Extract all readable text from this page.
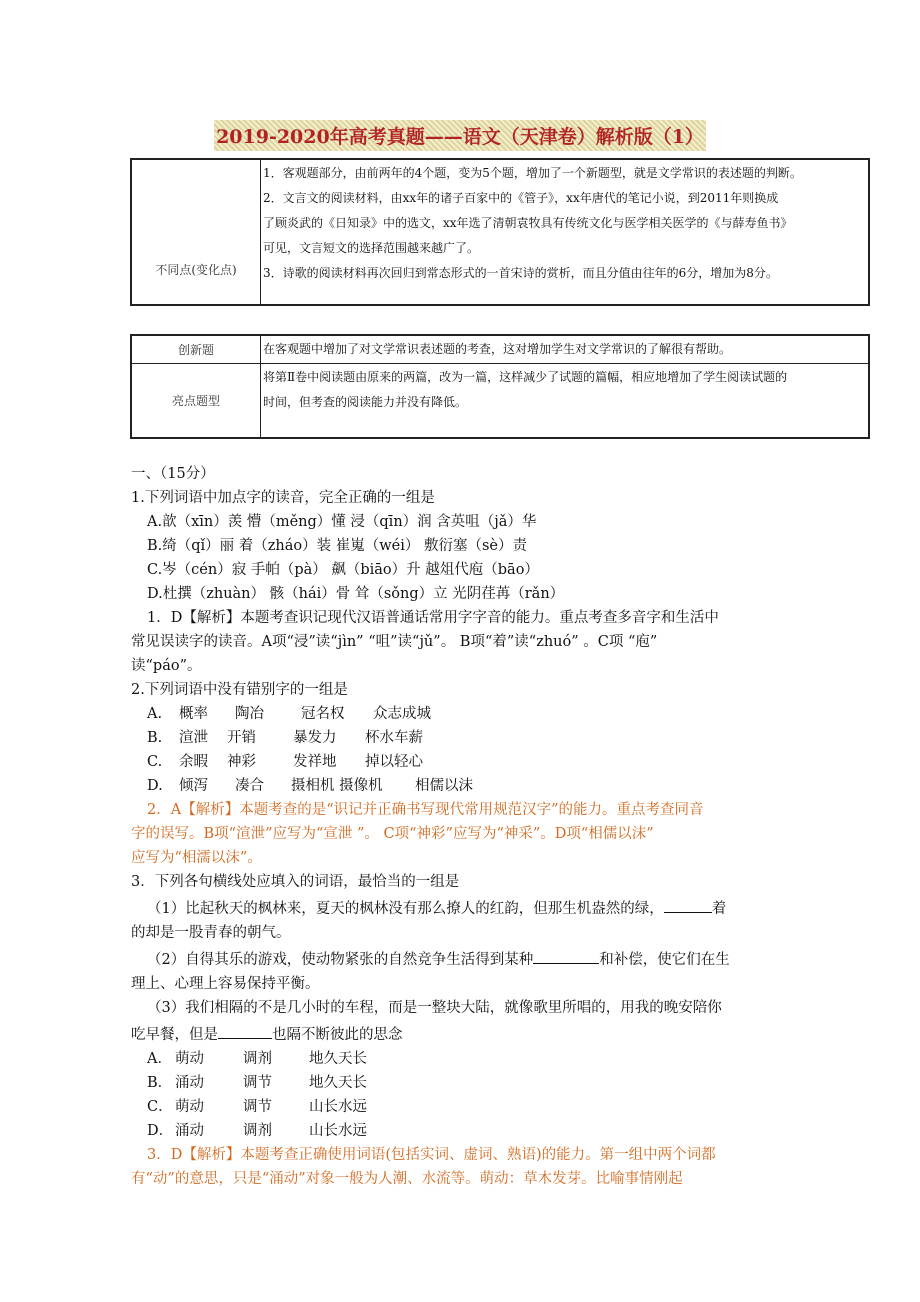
2019-2020年高考真题——语文（天津卷）解析版（1）
不同点(变化点)	
1．客观题部分，由前两年的4个题，变为5个题，增加了一个新题型，就是文学常识的表述题的判断。
2．文言文的阅读材料，由xx年的诸子百家中的《管子》，xx年唐代的笔记小说，到2011年则换成
了顾炎武的《日知录》中的选文，xx年选了清朝袁牧具有传统文化与医学相关医学的《与薛寿鱼书》
可见，文言短文的选择范围越来越广了。
3．诗歌的阅读材料再次回归到常态形式的一首宋诗的赏析，而且分值由往年的6分，增加为8分。
创新题	在客观题中增加了对文学常识表述题的考查，这对增加学生对文学常识的了解很有帮助。

亮点题型	将第Ⅱ卷中阅读题由原来的两篇，改为一篇，这样减少了试题的篇幅，相应地增加了学生阅读试题的
时间，但考查的阅读能力并没有降低。
一、（15分）
1.下列词语中加点字的读音，完全正确的一组是
A.歆（xīn）羡 懵（měng）懂 浸（qīn）润 含英咀（jǎ）华
B.绮（qǐ）丽 着（zháo）装 崔嵬（wéi） 敷衍塞（sè）责
C.岑（cén）寂 手帕（pà） 飙（biāo）升 越俎代庖（bāo）
D.杜撰（zhuàn） 骸（hái）骨 耸（sǒng）立 光阴荏苒（rǎn）
1．D【解析】本题考查识记现代汉语普通话常用字字音的能力。重点考查多音字和生活中
常见误读字的读音。A项“浸”读“jìn” “咀”读“jǔ”。 B项“着”读“zhuó” 。C项 “庖”
读“páo”。
2.下列词语中没有错别字的一组是
A. 概率 陶冶	冠名权 众志成城
B. 渲泄 开销	暴发力 杯水车薪
C. 余暇 神彩	发祥地 掉以轻心
D. 倾泻 凑合 摄相机 摄像机 相儒以沫
2．A【解析】本题考查的是“识记并正确书写现代常用规范汉字”的能力。重点考查同音
字的误写。B项“渲泄”应写为“宣泄 ”。 C项“神彩”应写为“神采”。D项“相儒以沫”
应写为“相濡以沫”。
3．下列各句横线处应填入的词语，最恰当的一组是
（1）比起秋天的枫林来，夏天的枫林没有那么撩人的红韵，但那生机盎然的绿，	着
的却是一股青春的朝气。
（2）自得其乐的游戏，使动物紧张的自然竞争生活得到某种	和补偿，使它们在生
理上、心理上容易保持平衡。
（3）我们相隔的不是几小时的车程，而是一整块大陆，就像歌里所唱的，用我的晚安陪你
吃早餐，但是	也隔不断彼此的思念
A． 萌动	调剂	地久天长
B． 涌动	调节	地久天长
C． 萌动	调节	山长水远
D． 涌动	调剂	山长水远
3．D【解析】本题考查正确使用词语(包括实词、虚词、熟语)的能力。第一组中两个词都
有“动”的意思，只是“涌动”对象一般为人潮、水流等。萌动：草木发芽。比喻事情刚起
